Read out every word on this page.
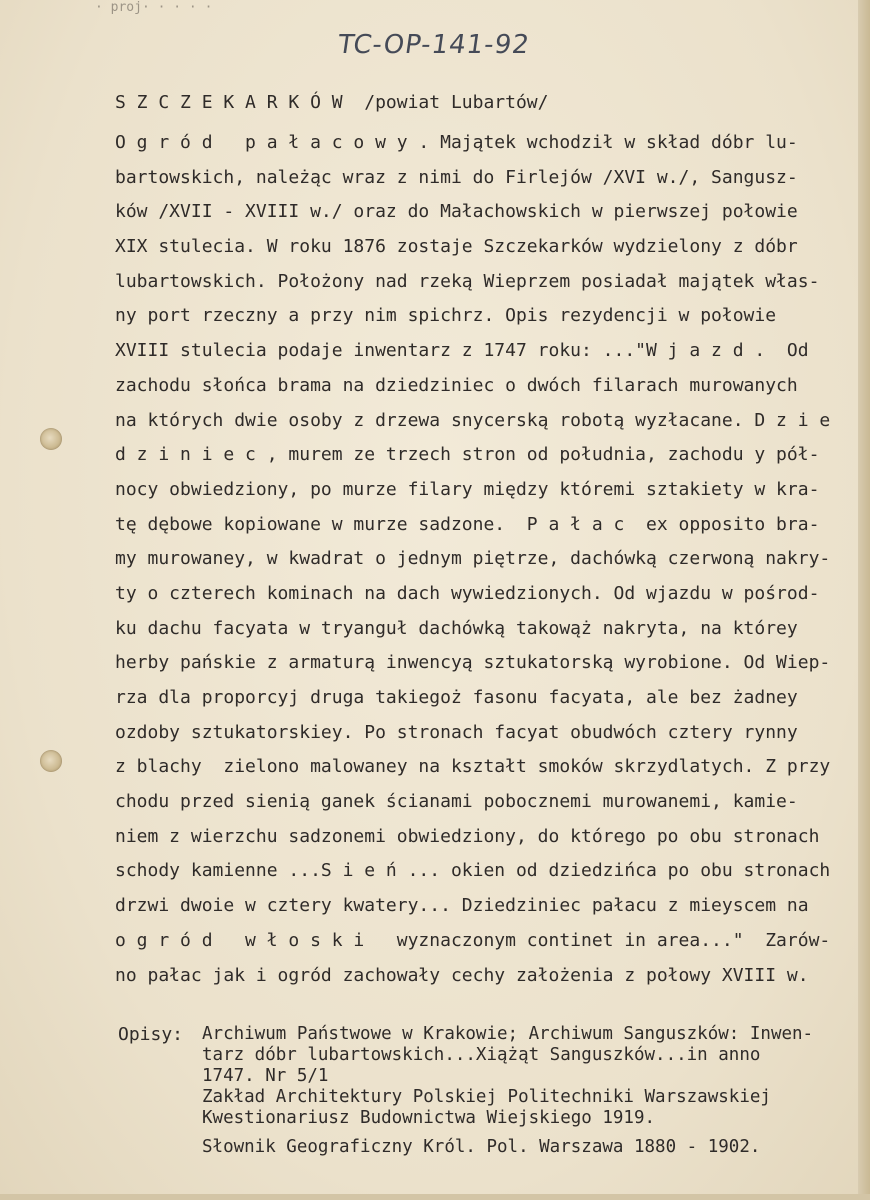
· proj· · · · ·
TC-OP-141-92
S Z C Z E K A R K Ó W  /powiat Lubartów/
O g r ó d   p a ł a c o w y . Majątek wchodził w skład dóbr lu-
bartowskich, należąc wraz z nimi do Firlejów /XVI w./, Sangusz-
ków /XVII - XVIII w./ oraz do Małachowskich w pierwszej połowie
XIX stulecia. W roku 1876 zostaje Szczekarków wydzielony z dóbr
lubartowskich. Położony nad rzeką Wieprzem posiadał majątek włas-
ny port rzeczny a przy nim spichrz. Opis rezydencji w połowie
XVIII stulecia podaje inwentarz z 1747 roku: ..."W j a z d .  Od
zachodu słońca brama na dziedziniec o dwóch filarach murowanych
na których dwie osoby z drzewa snycerską robotą wyzłacane. D z i e
d z i n i e c , murem ze trzech stron od południa, zachodu y pół-
nocy obwiedziony, po murze filary między któremi sztakiety w kra-
tę dębowe kopiowane w murze sadzone.  P a ł a c  ex opposito bra-
my murowaney, w kwadrat o jednym piętrze, dachówką czerwoną nakry-
ty o czterech kominach na dach wywiedzionych. Od wjazdu w pośrod-
ku dachu facyata w tryanguł dachówką takowąż nakryta, na którey
herby pańskie z armaturą inwencyą sztukatorską wyrobione. Od Wiep-
rza dla proporcyj druga takiegoż fasonu facyata, ale bez żadney
ozdoby sztukatorskiey. Po stronach facyat obudwóch cztery rynny
z blachy  zielono malowaney na kształt smoków skrzydlatych. Z przy
chodu przed sienią ganek ścianami pobocznemi murowanemi, kamie-
niem z wierzchu sadzonemi obwiedziony, do którego po obu stronach
schody kamienne ...S i e ń ... okien od dziedzińca po obu stronach
drzwi dwoie w cztery kwatery... Dziedziniec pałacu z mieyscem na
o g r ó d   w ł o s k i   wyznaczonym continet in area..."  Zarów-
no pałac jak i ogród zachowały cechy założenia z połowy XVIII w.
Opisy: Archiwum Państwowe w Krakowie; Archiwum Sanguszków: Inwen-
tarz dóbr lubartowskich...Xiążąt Sanguszków...in anno
1747. Nr 5/1
Zakład Architektury Polskiej Politechniki Warszawskiej
Kwestionariusz Budownictwa Wiejskiego 1919.
Słownik Geograficzny Król. Pol. Warszawa 1880 - 1902.
